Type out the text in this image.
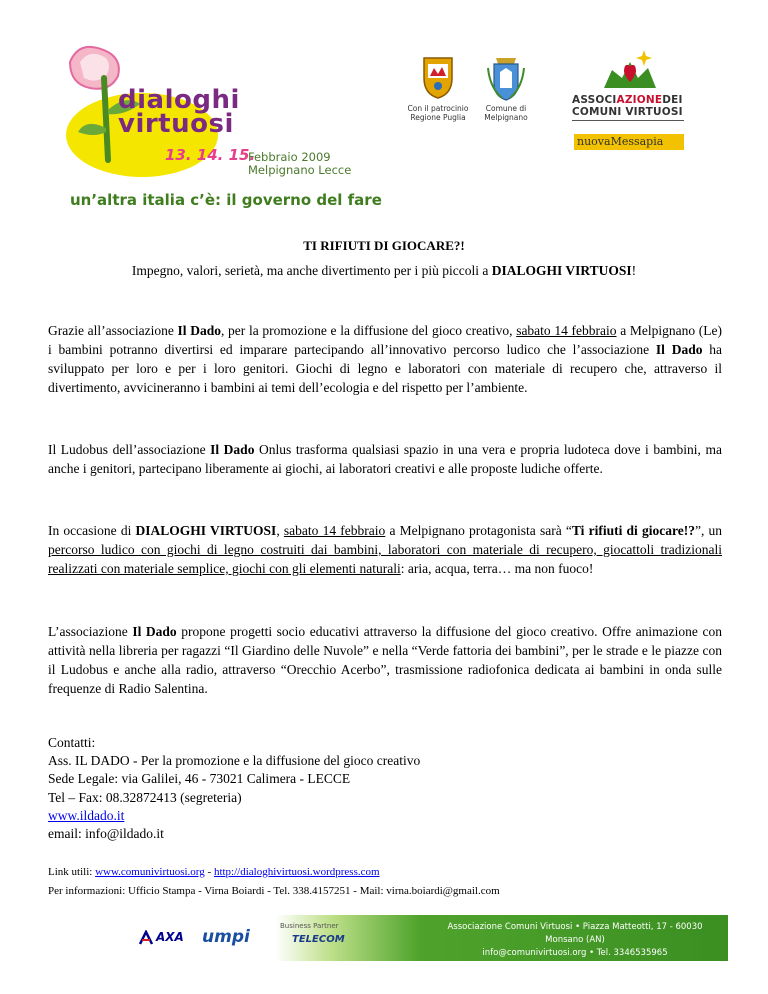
dialoghi
virtuosi
13. 14. 15.
Febbraio 2009
Melpignano Lecce
un’altra italia c’è: il governo del fare
Con il patrocinio
Regione Puglia
Comune di
Melpignano
ASSOCIAZIONEDEI
COMUNI VIRTUOSI
nuovaMessapia
TI RIFIUTI DI GIOCARE?!
Impegno, valori, serietà, ma anche divertimento per i più piccoli a DIALOGHI VIRTUOSI!
Grazie all’associazione Il Dado, per la promozione e la diffusione del gioco creativo, sabato 14 febbraio a Melpignano (Le) i bambini potranno divertirsi ed imparare partecipando all’innovativo percorso ludico che l’associazione Il Dado ha sviluppato per loro e per i loro genitori. Giochi di legno e laboratori con materiale di recupero che, attraverso il divertimento, avvicineranno i bambini ai temi dell’ecologia e del rispetto per l’ambiente.
Il Ludobus dell’associazione Il Dado Onlus trasforma qualsiasi spazio in una vera e propria ludoteca dove i bambini, ma anche i genitori, partecipano liberamente ai giochi, ai laboratori creativi e alle proposte ludiche offerte.
In occasione di DIALOGHI VIRTUOSI, sabato 14 febbraio a Melpignano protagonista sarà “Ti rifiuti di giocare!?”, un percorso ludico con giochi di legno costruiti dai bambini, laboratori con materiale di recupero, giocattoli tradizionali realizzati con materiale semplice, giochi con gli elementi naturali: aria, acqua, terra… ma non fuoco!
L’associazione Il Dado propone progetti socio educativi attraverso la diffusione del gioco creativo. Offre animazione con attività nella libreria per ragazzi “Il Giardino delle Nuvole” e nella “Verde fattoria dei bambini”, per le strade e le piazze con il Ludobus e anche alla radio, attraverso “Orecchio Acerbo”, trasmissione radiofonica dedicata ai bambini in onda sulle frequenze di Radio Salentina.
Contatti:
Ass. IL DADO - Per la promozione e la diffusione del gioco creativo
Sede Legale: via Galilei, 46 - 73021 Calimera - LECCE
Tel – Fax: 08.32872413 (segreteria)
www.ildado.it
email: info@ildado.it
Link utili: www.comunivirtuosi.org - http://dialoghivirtuosi.wordpress.com
Per informazioni: Ufficio Stampa - Virna Boiardi - Tel. 338.4157251 - Mail: virna.boiardi@gmail.com
AXA umpi
Business Partner
TELECOM
Associazione Comuni Virtuosi • Piazza Matteotti, 17 - 60030 Monsano (AN)
info@comunivirtuosi.org • Tel. 3346535965
